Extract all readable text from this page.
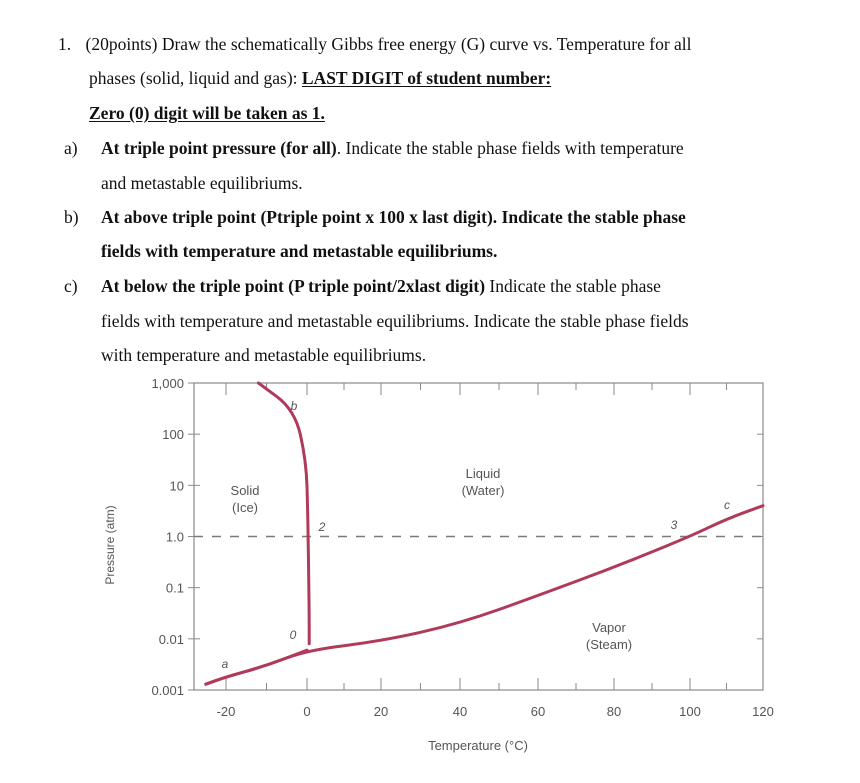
1. (20points) Draw the schematically Gibbs free energy (G) curve vs. Temperature for all
phases (solid, liquid and gas): LAST DIGIT of student number:
Zero (0) digit will be taken as 1.
a) At triple point pressure (for all). Indicate the stable phase fields with temperature
and metastable equilibriums.
b) At above triple point (Ptriple point x 100 x last digit). Indicate the stable phase
fields with temperature and metastable equilibriums.
c) At below the triple point (P triple point/2xlast digit) Indicate the stable phase
fields with temperature and metastable equilibriums. Indicate the stable phase fields
with temperature and metastable equilibriums.
1,000
100
10
1.0
0.1
0.01
0.001
-20	0	20	40	60	80	100	120
Temperature (°C)
Pressure (atm)
Solid
(Ice)
Liquid
(Water)
Vapor
(Steam)
b
2	3
c
0
a
